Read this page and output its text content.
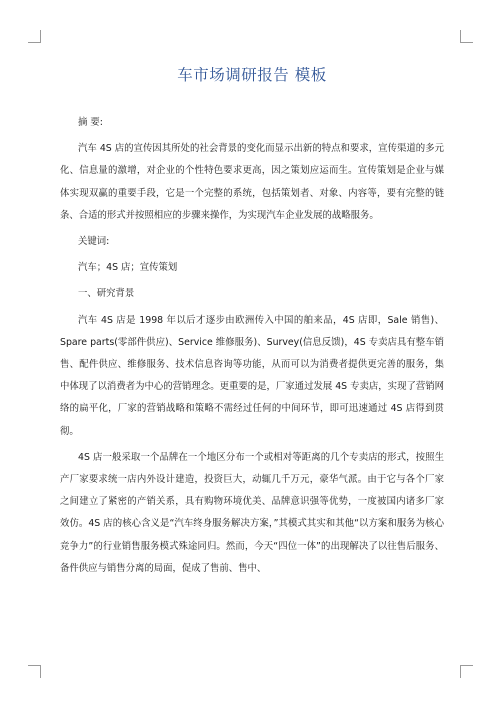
车市场调研报告 模板

摘 要:

汽车 4S 店的宣传因其所处的社会背景的变化而显示出新的特点和要求，宣传渠道的多元化、信息量的激增，对企业的个性特色要求更高，因之策划应运而生。宣传策划是企业与媒体实现双赢的重要手段，它是一个完整的系统，包括策划者、对象、内容等，要有完整的链条、合适的形式并按照相应的步骤来操作，为实现汽车企业发展的战略服务。

关键词:

汽车；4S 店；宣传策划

一、研究背景

汽车 4S 店是 1998 年以后才逐步由欧洲传入中国的舶来品，4S 店即，Sale 销售)、Spare parts(零部件供应)、Service 维修服务)、Survey(信息反馈)，4S 专卖店具有整车销售、配件供应、维修服务、技术信息咨询等功能，从而可以为消费者提供更完善的服务，集中体现了以消费者为中心的营销理念。更重要的是，厂家通过发展 4S 专卖店，实现了营销网络的扁平化，厂家的营销战略和策略不需经过任何的中间环节，即可迅速通过 4S 店得到贯彻。

4S 店一般采取一个品牌在一个地区分布一个或相对等距离的几个专卖店的形式，按照生产厂家要求统一店内外设计建造，投资巨大，动辄几千万元，豪华气派。由于它与各个厂家之间建立了紧密的产销关系，具有购物环境优美、品牌意识强等优势，一度被国内诸多厂家效仿。4S 店的核心含义是“汽车终身服务解决方案，”其模式其实和其他“以方案和服务为核心竞争力”的行业销售服务模式殊途同归。然而，今天“四位一体”的出现解决了以往售后服务、备件供应与销售分离的局面，促成了售前、售中、
